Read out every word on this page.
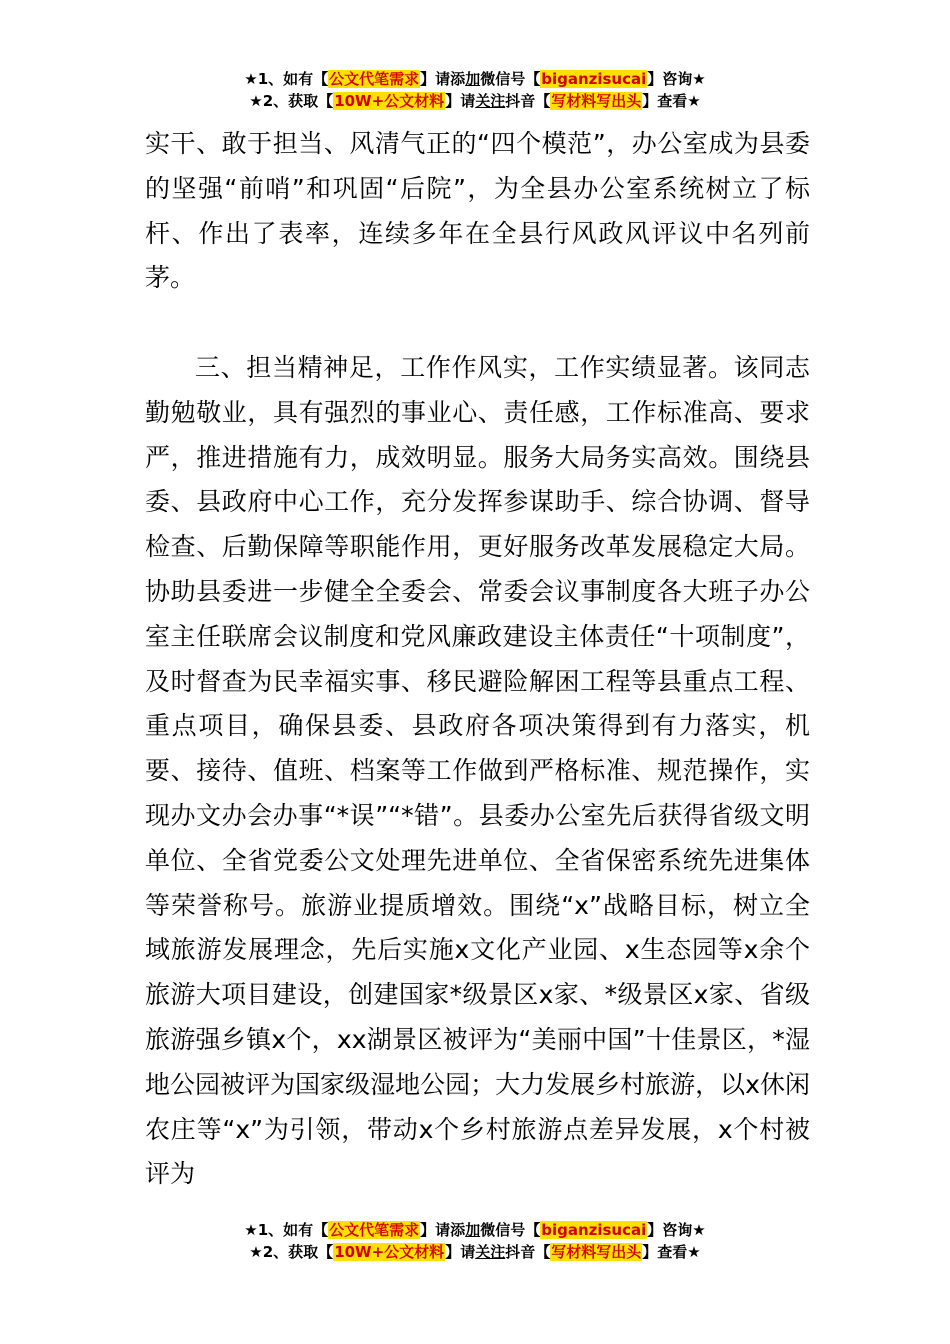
★1、如有【公文代笔需求】请添加微信号【biganzisucai】咨询★
★2、获取【10W+公文材料】请关注抖音【写材料写出头】查看★

实干、敢于担当、风清气正的“四个模范”，办公室成为县委的坚强“前哨”和巩固“后院”，为全县办公室系统树立了标杆、作出了表率，连续多年在全县行风政风评议中名列前茅。

三、担当精神足，工作作风实，工作实绩显著。该同志勤勉敬业，具有强烈的事业心、责任感，工作标准高、要求严，推进措施有力，成效明显。服务大局务实高效。围绕县委、县政府中心工作，充分发挥参谋助手、综合协调、督导检查、后勤保障等职能作用，更好服务改革发展稳定大局。协助县委进一步健全全委会、常委会议事制度各大班子办公室主任联席会议制度和党风廉政建设主体责任“十项制度”，及时督查为民幸福实事、移民避险解困工程等县重点工程、重点项目，确保县委、县政府各项决策得到有力落实，机要、接待、值班、档案等工作做到严格标准、规范操作，实现办文办会办事“*误”“*错”。县委办公室先后获得省级文明单位、全省党委公文处理先进单位、全省保密系统先进集体等荣誉称号。旅游业提质增效。围绕“x”战略目标，树立全域旅游发展理念，先后实施x文化产业园、x生态园等x余个旅游大项目建设，创建国家*级景区x家、*级景区x家、省级旅游强乡镇x个，xx湖景区被评为“美丽中国”十佳景区，*湿地公园被评为国家级湿地公园；大力发展乡村旅游，以x休闲农庄等“x”为引领，带动x个乡村旅游点差异发展，x个村被评为

★1、如有【公文代笔需求】请添加微信号【biganzisucai】咨询★
★2、获取【10W+公文材料】请关注抖音【写材料写出头】查看★
